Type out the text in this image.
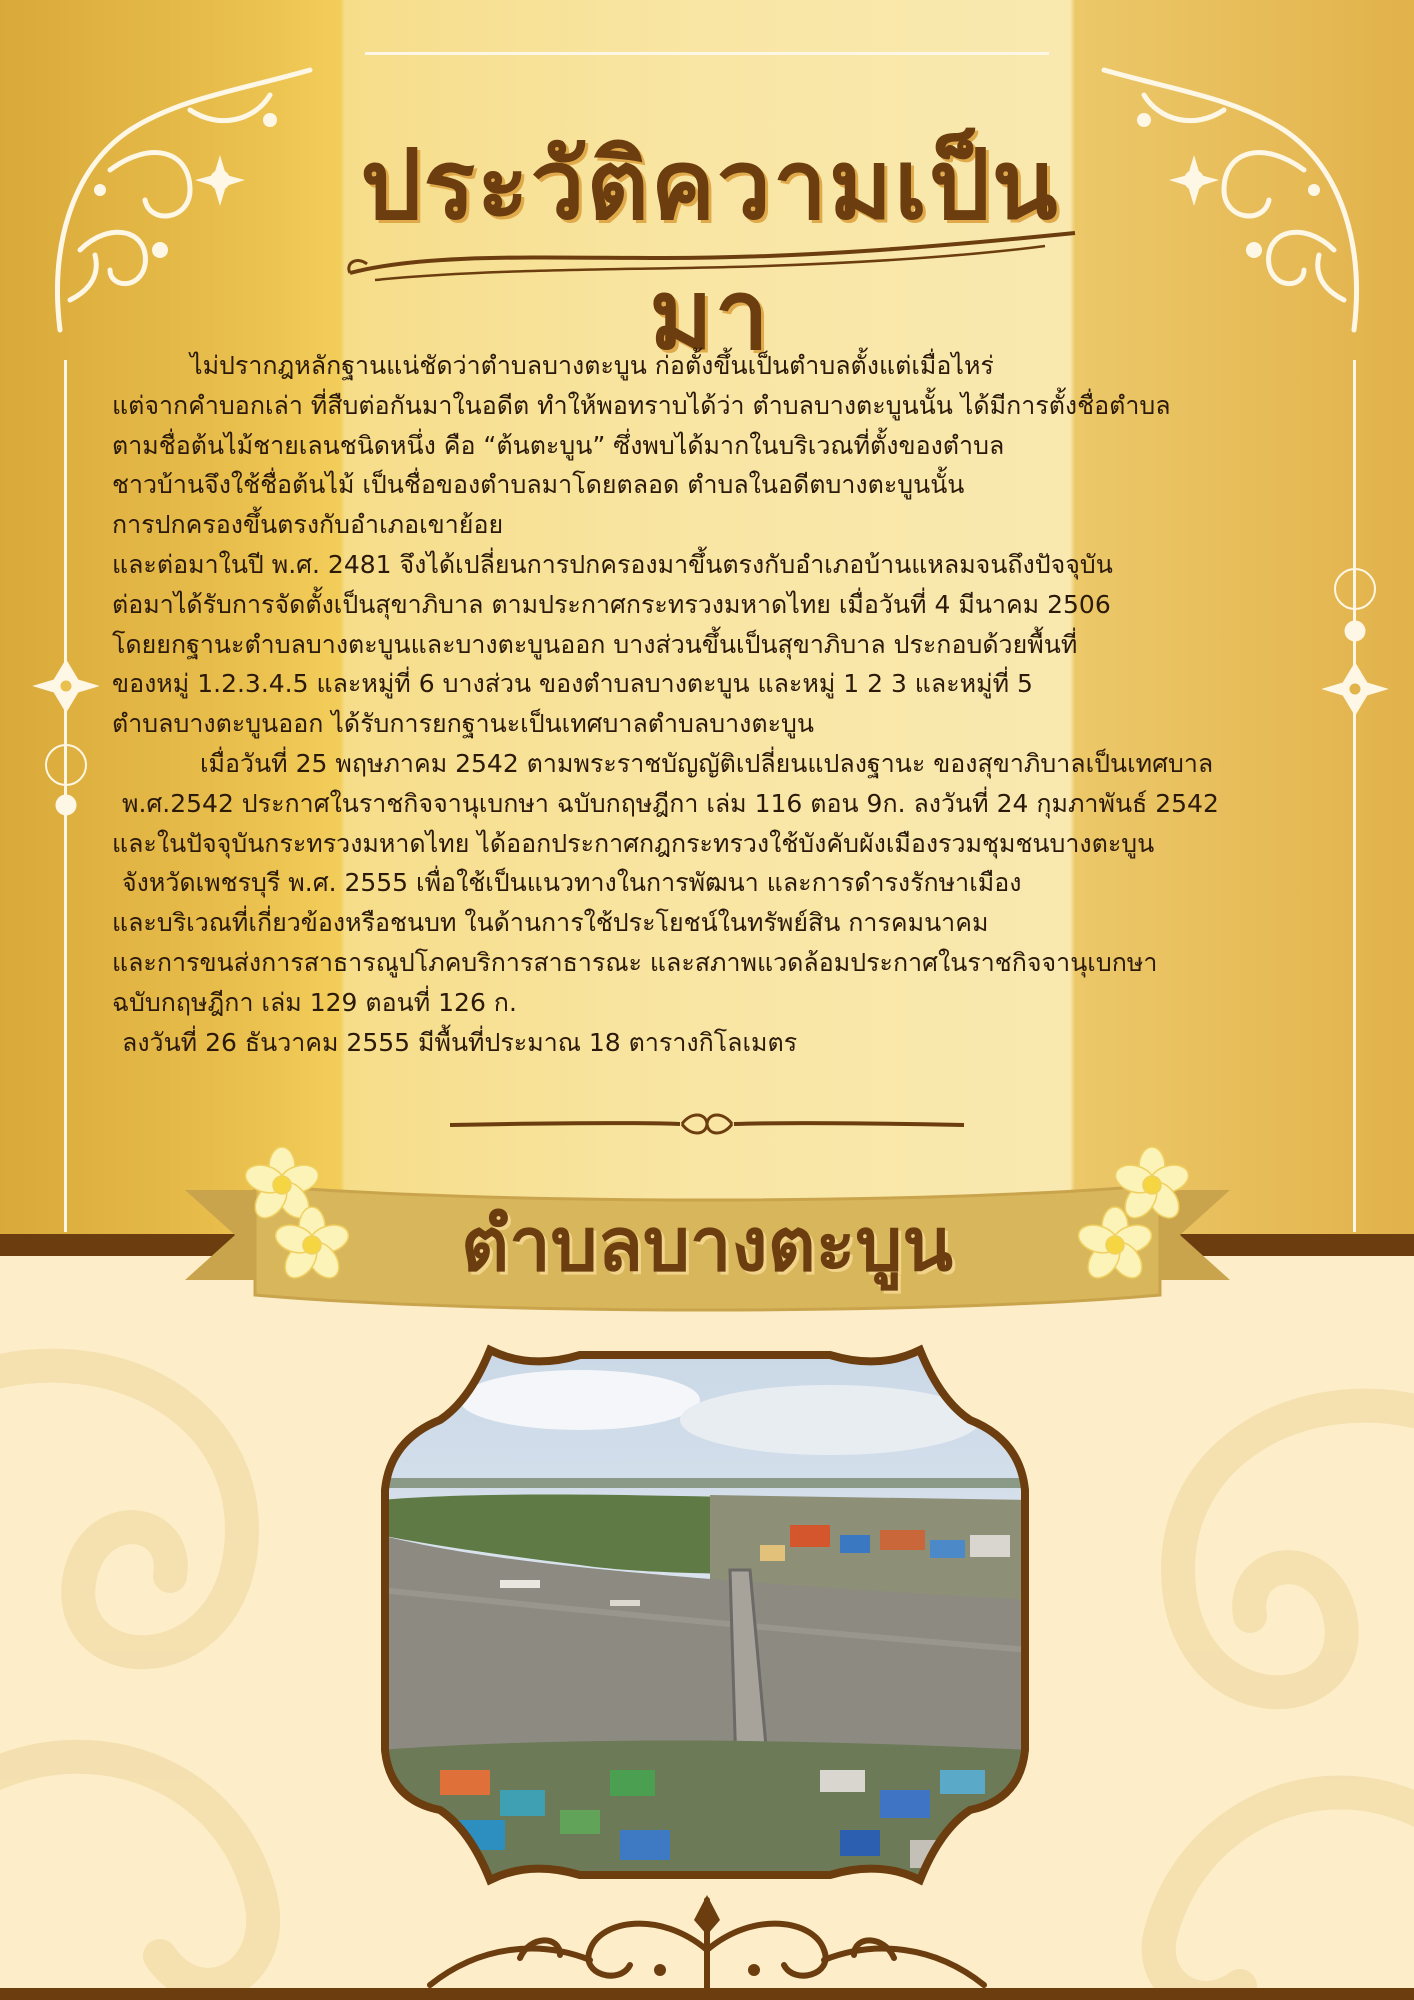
ประวัติความเป็นมา
ไม่ปรากฎหลักฐานแน่ชัดว่าตำบลบางตะบูน ก่อตั้งขึ้นเป็นตำบลตั้งแต่เมื่อไหร่
แต่จากคำบอกเล่า ที่สืบต่อกันมาในอดีต ทำให้พอทราบได้ว่า ตำบลบางตะบูนนั้น ได้มีการตั้งชื่อตำบล
ตามชื่อต้นไม้ชายเลนชนิดหนึ่ง คือ “ต้นตะบูน” ซึ่งพบได้มากในบริเวณที่ตั้งของตำบล
ชาวบ้านจึงใช้ชื่อต้นไม้ เป็นชื่อของตำบลมาโดยตลอด ตำบลในอดีตบางตะบูนนั้น
การปกครองขึ้นตรงกับอำเภอเขาย้อย
และต่อมาในปี พ.ศ. 2481 จึงได้เปลี่ยนการปกครองมาขึ้นตรงกับอำเภอบ้านแหลมจนถึงปัจจุบัน
ต่อมาได้รับการจัดตั้งเป็นสุขาภิบาล ตามประกาศกระทรวงมหาดไทย เมื่อวันที่ 4 มีนาคม 2506
โดยยกฐานะตำบลบางตะบูนและบางตะบูนออก บางส่วนขึ้นเป็นสุขาภิบาล ประกอบด้วยพื้นที่
ของหมู่ 1.2.3.4.5 และหมู่ที่ 6 บางส่วน ของตำบลบางตะบูน และหมู่ 1 2 3 และหมู่ที่ 5
ตำบลบางตะบูนออก ได้รับการยกฐานะเป็นเทศบาลตำบลบางตะบูน
เมื่อวันที่ 25 พฤษภาคม 2542 ตามพระราชบัญญัติเปลี่ยนแปลงฐานะ ของสุขาภิบาลเป็นเทศบาล
พ.ศ.2542 ประกาศในราชกิจจานุเบกษา ฉบับกฤษฎีกา เล่ม 116 ตอน 9ก. ลงวันที่ 24 กุมภาพันธ์ 2542
และในปัจจุบันกระทรวงมหาดไทย ได้ออกประกาศกฎกระทรวงใช้บังคับผังเมืองรวมชุมชนบางตะบูน
จังหวัดเพชรบุรี พ.ศ. 2555 เพื่อใช้เป็นแนวทางในการพัฒนา และการดำรงรักษาเมือง
และบริเวณที่เกี่ยวข้องหรือชนบท ในด้านการใช้ประโยชน์ในทรัพย์สิน การคมนาคม
และการขนส่งการสาธารณูปโภคบริการสาธารณะ และสภาพแวดล้อมประกาศในราชกิจจานุเบกษา
ฉบับกฤษฎีกา เล่ม 129 ตอนที่ 126 ก.
ลงวันที่ 26 ธันวาคม 2555 มีพื้นที่ประมาณ 18 ตารางกิโลเมตร
ตำบลบางตะบูน
